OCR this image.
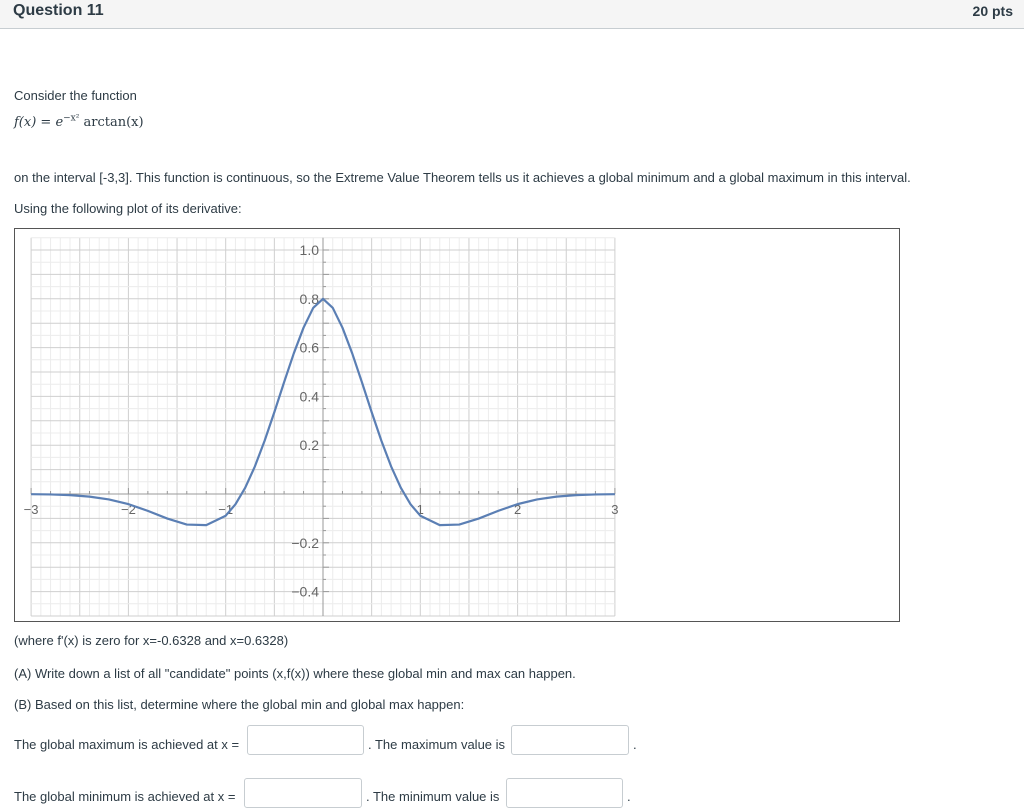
Question 11	20 pts
Consider the function
$f(x) = e^{-x^2}$ arctan(x)
on the interval [-3,3]. This function is continuous, so the Extreme Value Theorem tells us it achieves a global minimum and a global maximum in this interval.
Using the following plot of its derivative:
−3	−2	−1	1	2	3
1.0
0.8
0.6
0.4
0.2
−0.2
−0.4
(where f'(x) is zero for x=-0.6328 and x=0.6328)
(A) Write down a list of all "candidate" points (x,f(x)) where these global min and max can happen.
(B) Based on this list, determine where the global min and global max happen:
The global maximum is achieved at x =	. The maximum value is	.
The global minimum is achieved at x =	. The minimum value is	.
